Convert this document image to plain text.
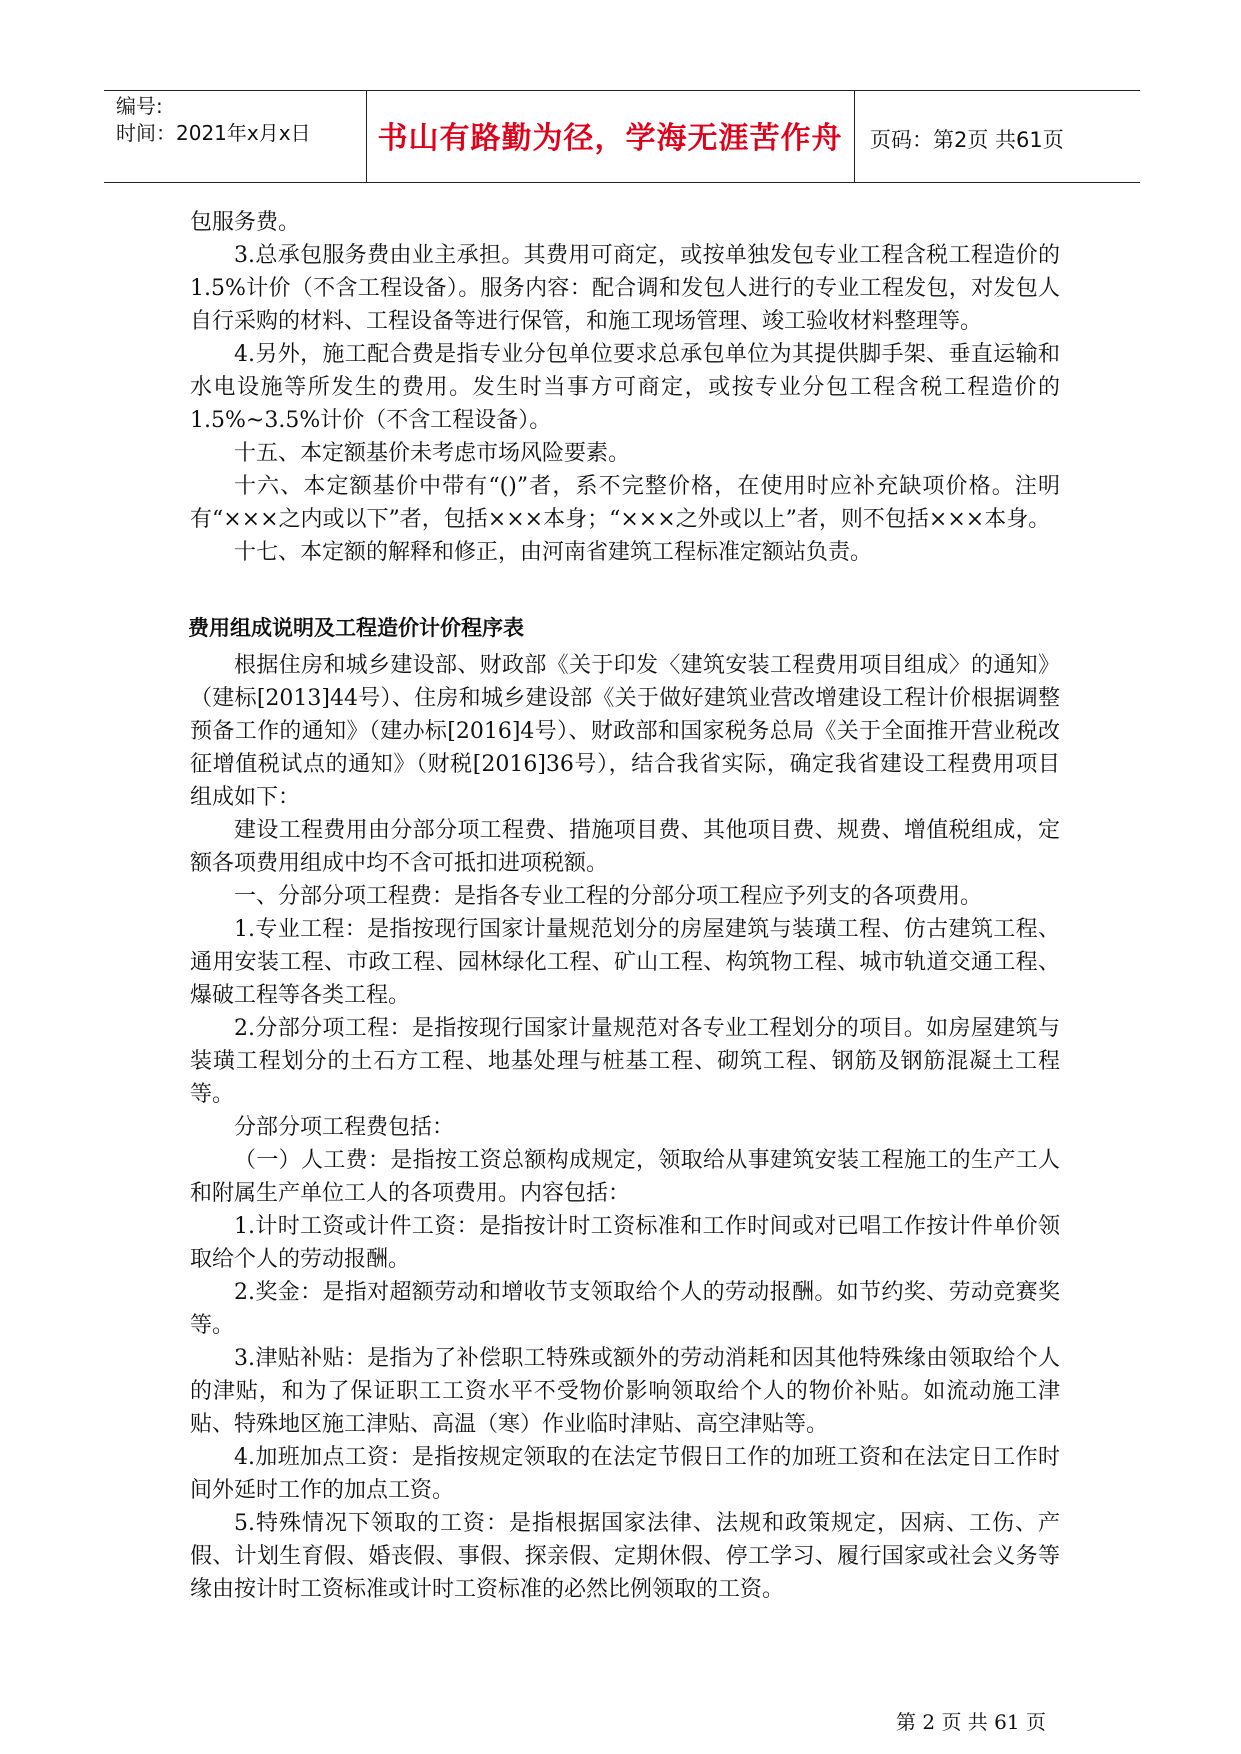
编号:
时间：2021年x月x日	书山有路勤为径，学海无涯苦作舟	页码：第2页 共61页

包服务费。

3.总承包服务费由业主承担。其费用可商定，或按单独发包专业工程含税工程造价的1.5%计价（不含工程设备）。服务内容：配合调和发包人进行的专业工程发包，对发包人自行采购的材料、工程设备等进行保管，和施工现场管理、竣工验收材料整理等。

4.另外，施工配合费是指专业分包单位要求总承包单位为其提供脚手架、垂直运输和水电设施等所发生的费用。发生时当事方可商定，或按专业分包工程含税工程造价的1.5%~3.5%计价（不含工程设备）。

十五、本定额基价未考虑市场风险要素。

十六、本定额基价中带有“()”者，系不完整价格，在使用时应补充缺项价格。注明有“×××之内或以下”者，包括×××本身；“×××之外或以上”者，则不包括×××本身。

十七、本定额的解释和修正，由河南省建筑工程标准定额站负责。

费用组成说明及工程造价计价程序表

根据住房和城乡建设部、财政部《关于印发〈建筑安装工程费用项目组成〉的通知》（建标[2013]44号）、住房和城乡建设部《关于做好建筑业营改增建设工程计价根据调整预备工作的通知》（建办标[2016]4号）、财政部和国家税务总局《关于全面推开营业税改征增值税试点的通知》（财税[2016]36号），结合我省实际，确定我省建设工程费用项目组成如下：

建设工程费用由分部分项工程费、措施项目费、其他项目费、规费、增值税组成，定额各项费用组成中均不含可抵扣进项税额。

一、分部分项工程费：是指各专业工程的分部分项工程应予列支的各项费用。

1.专业工程：是指按现行国家计量规范划分的房屋建筑与装璜工程、仿古建筑工程、通用安装工程、市政工程、园林绿化工程、矿山工程、构筑物工程、城市轨道交通工程、爆破工程等各类工程。

2.分部分项工程：是指按现行国家计量规范对各专业工程划分的项目。如房屋建筑与装璜工程划分的土石方工程、地基处理与桩基工程、砌筑工程、钢筋及钢筋混凝土工程等。

分部分项工程费包括：

（一）人工费：是指按工资总额构成规定，领取给从事建筑安装工程施工的生产工人和附属生产单位工人的各项费用。内容包括：

1.计时工资或计件工资：是指按计时工资标准和工作时间或对已唱工作按计件单价领取给个人的劳动报酬。

2.奖金：是指对超额劳动和增收节支领取给个人的劳动报酬。如节约奖、劳动竞赛奖等。

3.津贴补贴：是指为了补偿职工特殊或额外的劳动消耗和因其他特殊缘由领取给个人的津贴，和为了保证职工工资水平不受物价影响领取给个人的物价补贴。如流动施工津贴、特殊地区施工津贴、高温（寒）作业临时津贴、高空津贴等。

4.加班加点工资：是指按规定领取的在法定节假日工作的加班工资和在法定日工作时间外延时工作的加点工资。

5.特殊情况下领取的工资：是指根据国家法律、法规和政策规定，因病、工伤、产假、计划生育假、婚丧假、事假、探亲假、定期休假、停工学习、履行国家或社会义务等缘由按计时工资标准或计时工资标准的必然比例领取的工资。

第 2 页 共 61 页
